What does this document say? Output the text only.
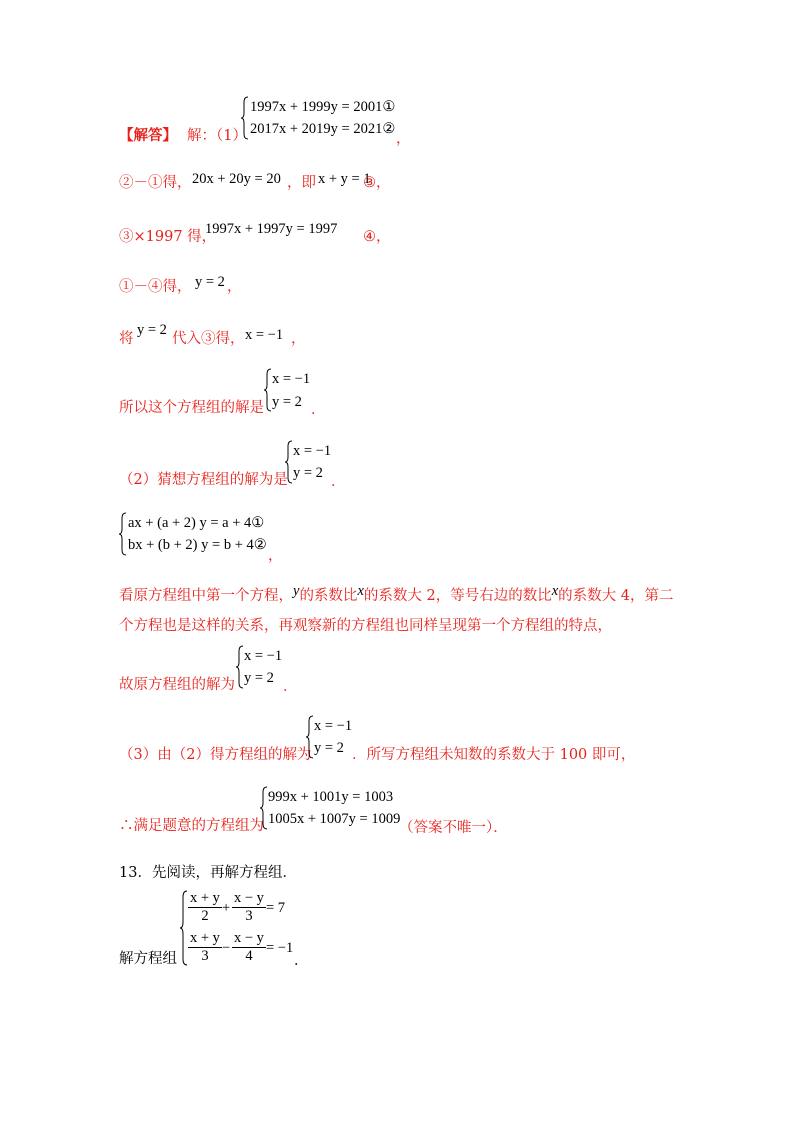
【解答】 解：（1）
1997x + 1999y = 2001①
2017x + 2019y = 2021②
，
②－①得， 20x + 20y = 20 ，即 x + y = 1
③，
③×1997 得，
1997x + 1997y = 1997 ④，
①－④得， y = 2 ，
将
y = 2
代入③得， x = −1 ，
所以这个方程组的解是
x = −1
y = 2 ．
（2）猜想方程组的解为是
x = −1
y = 2
．
ax + (a + 2) y = a + 4①
bx + (b + 2) y = b + 4②
，
看原方程组中第一个方程，y的系数比x的系数大 2，等号右边的数比x的系数大 4，第二
个方程也是这样的关系，再观察新的方程组也同样呈现第一个方程组的特点，
故原方程组的解为
x = −1
y = 2
．
（3）由（2）得方程组的解为
x = −1
y = 2 ．所写方程组未知数的系数大于 100 即可，
∴满足题意的方程组为
999x + 1001y = 1003
1005x + 1007y = 1009
（答案不唯一）．
13．先阅读，再解方程组．
解方程组
$\frac{x + y}{2} + \frac{x - y}{3} = 7$
$\frac{x + y}{3} - \frac{x - y}{4} = -1$
．
